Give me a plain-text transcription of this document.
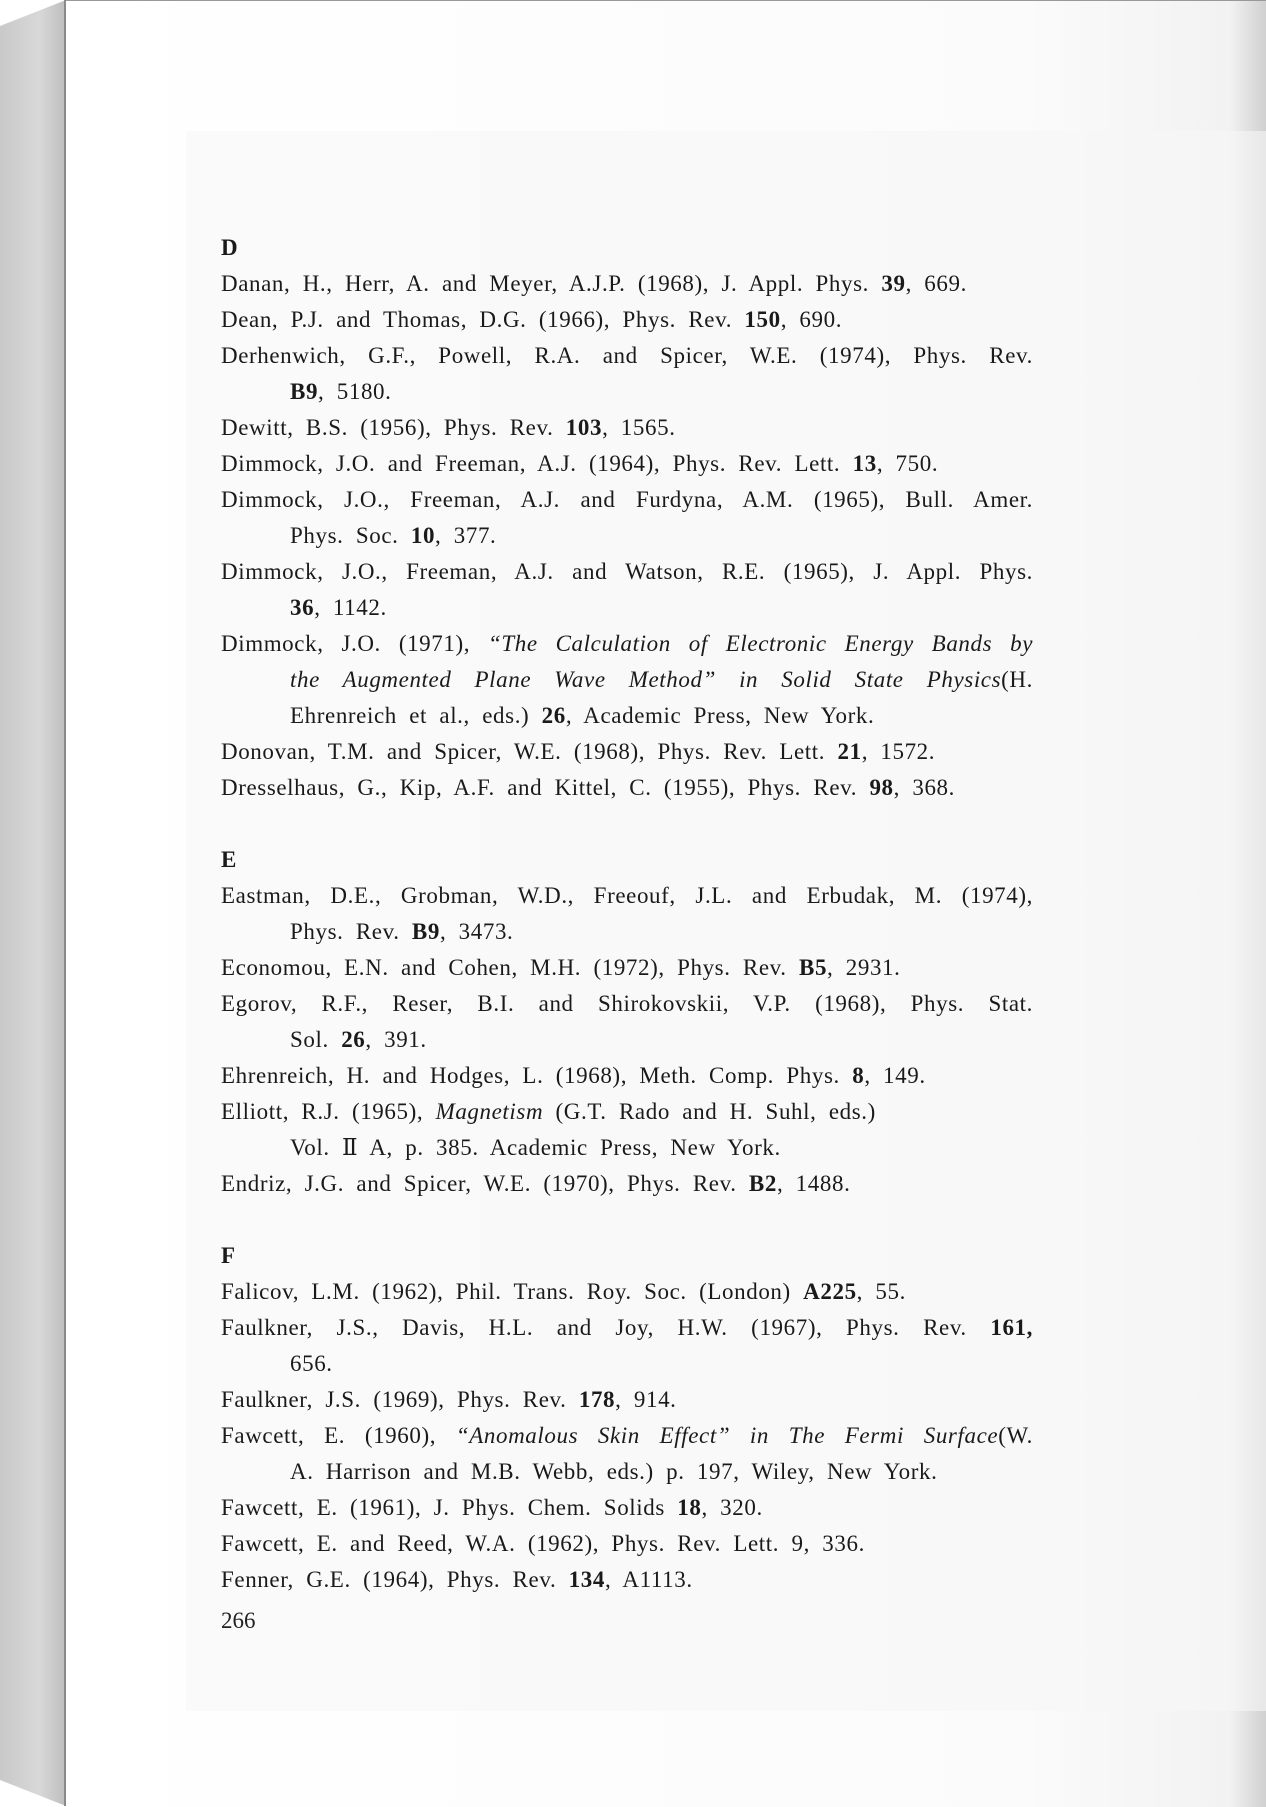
D
Danan, H., Herr, A. and Meyer, A.J.P. (1968), J. Appl. Phys. 39, 669.
Dean, P.J. and Thomas, D.G. (1966), Phys. Rev. 150, 690.
Derhenwich, G.F., Powell, R.A. and Spicer, W.E. (1974), Phys. Rev.
B9, 5180.
Dewitt, B.S. (1956), Phys. Rev. 103, 1565.
Dimmock, J.O. and Freeman, A.J. (1964), Phys. Rev. Lett. 13, 750.
Dimmock, J.O., Freeman, A.J. and Furdyna, A.M. (1965), Bull. Amer.
Phys. Soc. 10, 377.
Dimmock, J.O., Freeman, A.J. and Watson, R.E. (1965), J. Appl. Phys.
36, 1142.
Dimmock, J.O. (1971), “The Calculation of Electronic Energy Bands by
the Augmented Plane Wave Method” in Solid State Physics(H.
Ehrenreich et al., eds.) 26, Academic Press, New York.
Donovan, T.M. and Spicer, W.E. (1968), Phys. Rev. Lett. 21, 1572.
Dresselhaus, G., Kip, A.F. and Kittel, C. (1955), Phys. Rev. 98, 368.
E
Eastman, D.E., Grobman, W.D., Freeouf, J.L. and Erbudak, M. (1974),
Phys. Rev. B9, 3473.
Economou, E.N. and Cohen, M.H. (1972), Phys. Rev. B5, 2931.
Egorov, R.F., Reser, B.I. and Shirokovskii, V.P. (1968), Phys. Stat.
Sol. 26, 391.
Ehrenreich, H. and Hodges, L. (1968), Meth. Comp. Phys. 8, 149.
Elliott, R.J. (1965), Magnetism (G.T. Rado and H. Suhl, eds.)
Vol. Ⅱ A, p. 385. Academic Press, New York.
Endriz, J.G. and Spicer, W.E. (1970), Phys. Rev. B2, 1488.
F
Falicov, L.M. (1962), Phil. Trans. Roy. Soc. (London) A225, 55.
Faulkner, J.S., Davis, H.L. and Joy, H.W. (1967), Phys. Rev. 161,
656.
Faulkner, J.S. (1969), Phys. Rev. 178, 914.
Fawcett, E. (1960), “Anomalous Skin Effect” in The Fermi Surface(W.
A. Harrison and M.B. Webb, eds.) p. 197, Wiley, New York.
Fawcett, E. (1961), J. Phys. Chem. Solids 18, 320.
Fawcett, E. and Reed, W.A. (1962), Phys. Rev. Lett. 9, 336.
Fenner, G.E. (1964), Phys. Rev. 134, A1113.
266
